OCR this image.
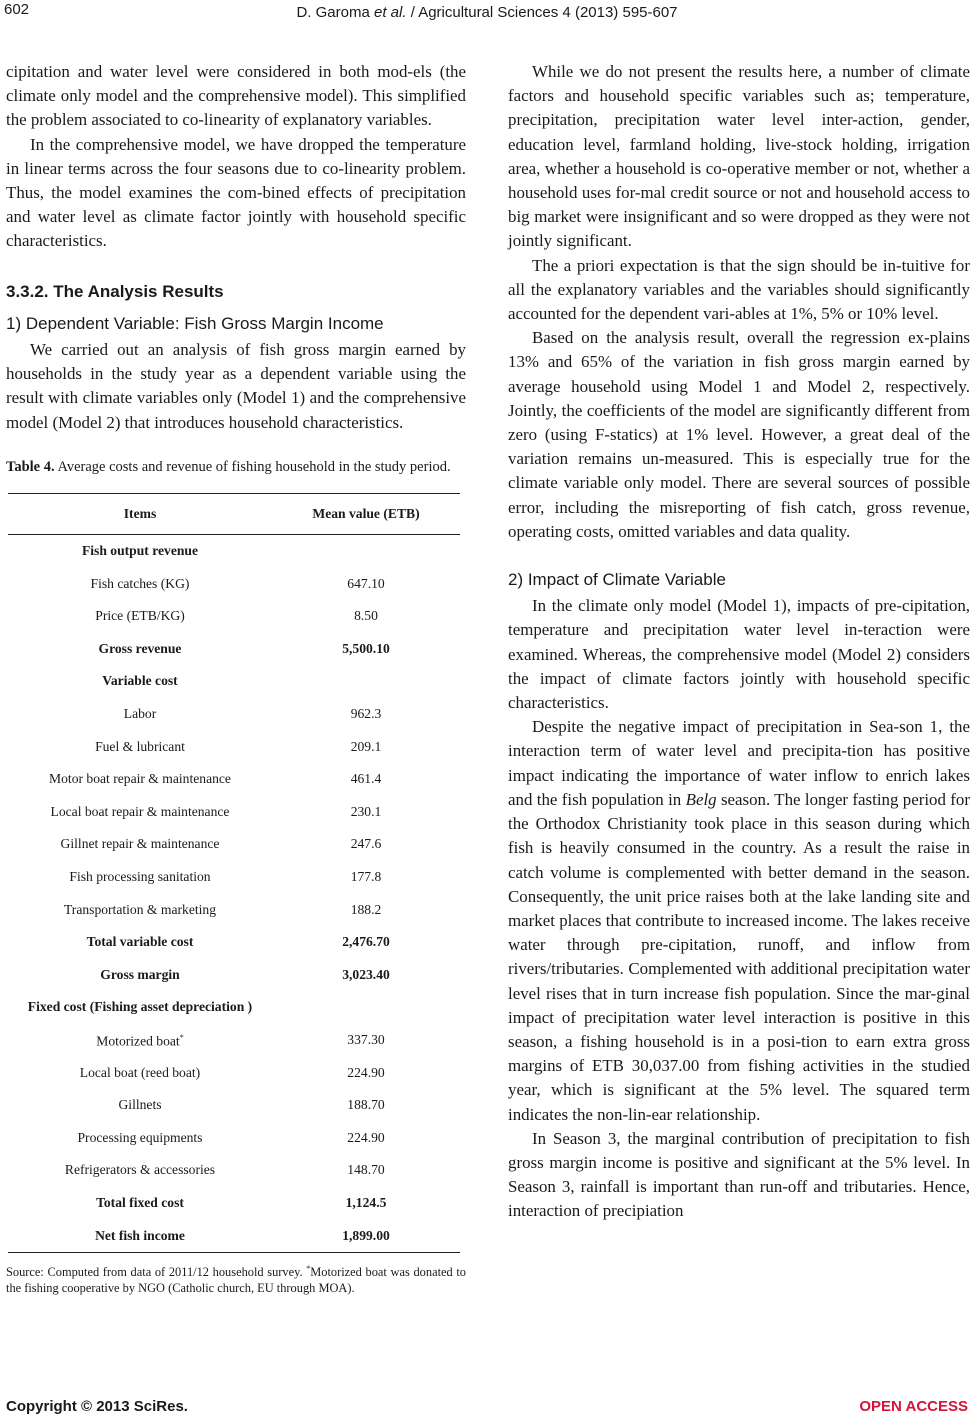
602	D. Garoma et al. / Agricultural Sciences 4 (2013) 595-607

cipitation and water level were considered in both mod-els (the climate only model and the comprehensive model). This simplified the problem associated to co-linearity of explanatory variables.

In the comprehensive model, we have dropped the temperature in linear terms across the four seasons due to co-linearity problem. Thus, the model examines the com-bined effects of precipitation and water level as climate factor jointly with household specific characteristics.

3.3.2. The Analysis Results
1) Dependent Variable: Fish Gross Margin Income

We carried out an analysis of fish gross margin earned by households in the study year as a dependent variable using the result with climate variables only (Model 1) and the comprehensive model (Model 2) that introduces household characteristics.

Table 4. Average costs and revenue of fishing household in the study period.
Items	Mean value (ETB)
Fish output revenue	
Fish catches (KG)	647.10
Price (ETB/KG)	8.50
Gross revenue	5,500.10
Variable cost	
Labor	962.3
Fuel & lubricant	209.1
Motor boat repair & maintenance	461.4
Local boat repair & maintenance	230.1
Gillnet repair & maintenance	247.6
Fish processing sanitation	177.8
Transportation & marketing	188.2
Total variable cost	2,476.70
Gross margin	3,023.40
Fixed cost (Fishing asset depreciation )	
Motorized boat*	337.30
Local boat (reed boat)	224.90
Gillnets	188.70
Processing equipments	224.90
Refrigerators & accessories	148.70
Total fixed cost	1,124.5
Net fish income	1,899.00
Source: Computed from data of 2011/12 household survey. *Motorized boat was donated to the fishing cooperative by NGO (Catholic church, EU through MOA).

While we do not present the results here, a number of climate factors and household specific variables such as; temperature, precipitation, precipitation water level inter-action, gender, education level, farmland holding, live-stock holding, irrigation area, whether a household is co-operative member or not, whether a household uses for-mal credit source or not and household access to big market were insignificant and so were dropped as they were not jointly significant.

The a priori expectation is that the sign should be in-tuitive for all the explanatory variables and the variables should significantly accounted for the dependent vari-ables at 1%, 5% or 10% level.

Based on the analysis result, overall the regression ex-plains 13% and 65% of the variation in fish gross margin earned by average household using Model 1 and Model 2, respectively. Jointly, the coefficients of the model are significantly different from zero (using F-statics) at 1% level. However, a great deal of the variation remains un-measured. This is especially true for the climate variable only model. There are several sources of possible error, including the misreporting of fish catch, gross revenue, operating costs, omitted variables and data quality.

2) Impact of Climate Variable

In the climate only model (Model 1), impacts of pre-cipitation, temperature and precipitation water level in-teraction were examined. Whereas, the comprehensive model (Model 2) considers the impact of climate factors jointly with household specific characteristics.

Despite the negative impact of precipitation in Sea-son 1, the interaction term of water level and precipita-tion has positive impact indicating the importance of water inflow to enrich lakes and the fish population in Belg season. The longer fasting period for the Orthodox Christianity took place in this season during which fish is heavily consumed in the country. As a result the raise in catch volume is complemented with better demand in the season. Consequently, the unit price raises both at the lake landing site and market places that contribute to increased income. The lakes receive water through pre-cipitation, runoff, and inflow from rivers/tributaries. Complemented with additional precipitation water level rises that in turn increase fish population. Since the mar-ginal impact of precipitation water level interaction is positive in this season, a fishing household is in a posi-tion to earn extra gross margins of ETB 30,037.00 from fishing activities in the studied year, which is significant at the 5% level. The squared term indicates the non-lin-ear relationship.

In Season 3, the marginal contribution of precipitation to fish gross margin income is positive and significant at the 5% level. In Season 3, rainfall is important than run-off and tributaries. Hence, interaction of precipiation

Copyright © 2013 SciRes.	OPEN ACCESS
